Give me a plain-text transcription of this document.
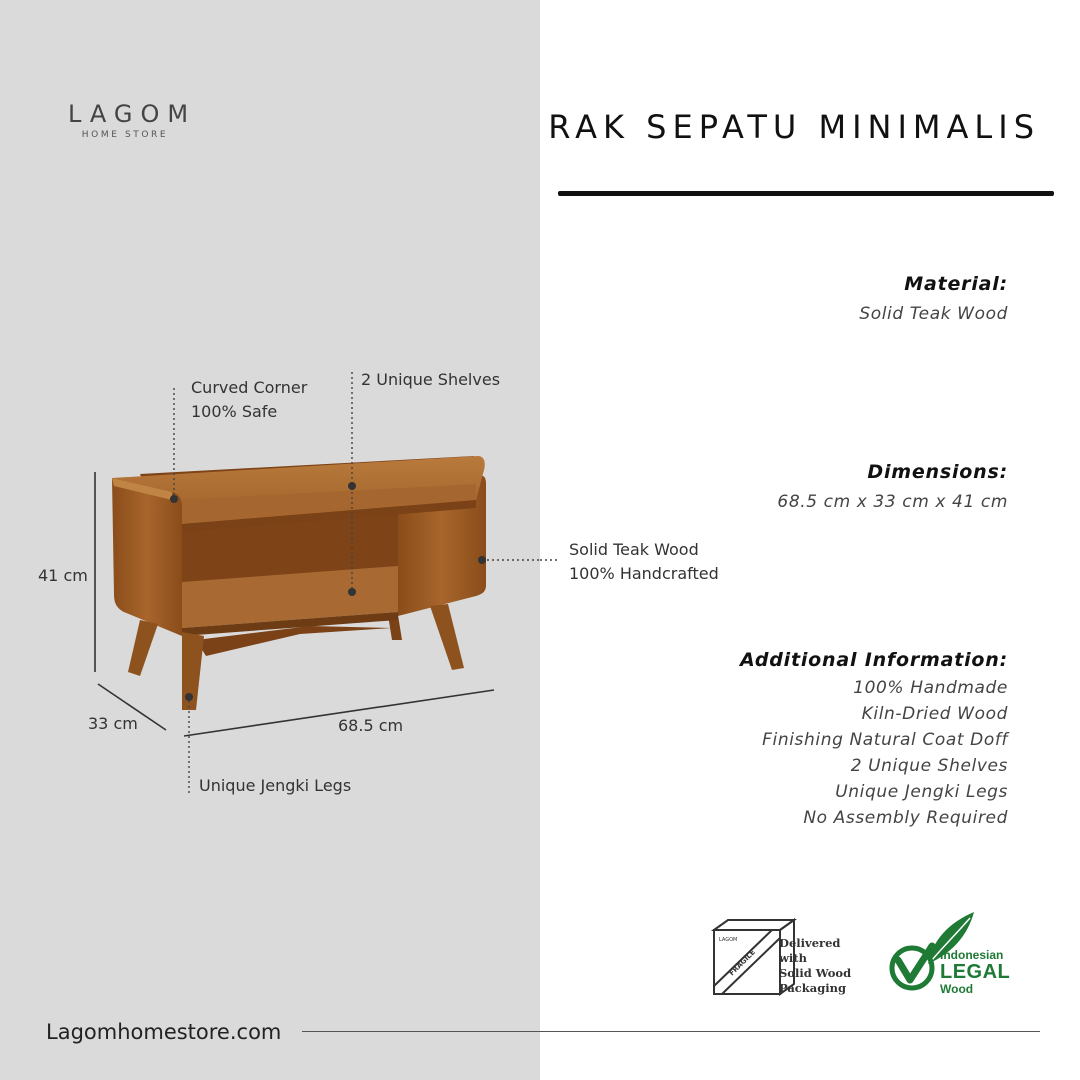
LAGOM
HOME STORE	RAK SEPATU MINIMALIS
Curved Corner
100% Safe
2 Unique Shelves
Solid Teak Wood
100% Handcrafted
Unique Jengki Legs
41 cm
33 cm	68.5 cm
Material:
Solid Teak Wood
Dimensions:
68.5 cm x 33 cm x 41 cm
Additional Information:
100% Handmade
Kiln-Dried Wood
Finishing Natural Coat Doff
2 Unique Shelves
Unique Jengki Legs
No Assembly Required
LAGOM
FRAGILE
Delivered with
Solid Wood
Packaging
Indonesian
LEGAL
Wood
Lagomhomestore.com
